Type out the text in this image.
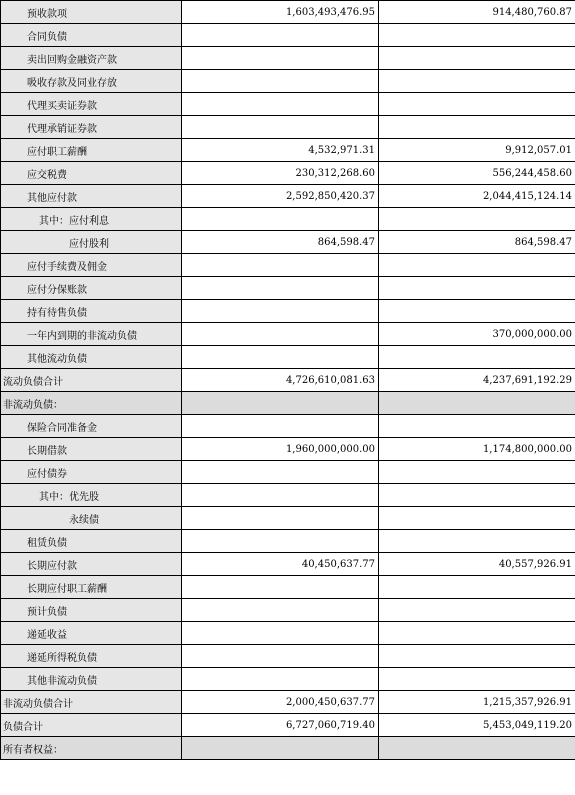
预收款项	1,603,493,476.95	914,480,760.87
合同负债		
卖出回购金融资产款		
吸收存款及同业存放		
代理买卖证券款		
代理承销证券款		
应付职工薪酬	4,532,971.31	9,912,057.01
应交税费	230,312,268.60	556,244,458.60
其他应付款	2,592,850,420.37	2,044,415,124.14
其中：应付利息		
应付股利	864,598.47	864,598.47
应付手续费及佣金		
应付分保账款		
持有待售负债		
一年内到期的非流动负债		370,000,000.00
其他流动负债		
流动负债合计	4,726,610,081.63	4,237,691,192.29
非流动负债：		
保险合同准备金		
长期借款	1,960,000,000.00	1,174,800,000.00
应付债券		
其中：优先股		
永续债		
租赁负债		
长期应付款	40,450,637.77	40,557,926.91
长期应付职工薪酬		
预计负债		
递延收益		
递延所得税负债		
其他非流动负债		
非流动负债合计	2,000,450,637.77	1,215,357,926.91
负债合计	6,727,060,719.40	5,453,049,119.20
所有者权益：		
